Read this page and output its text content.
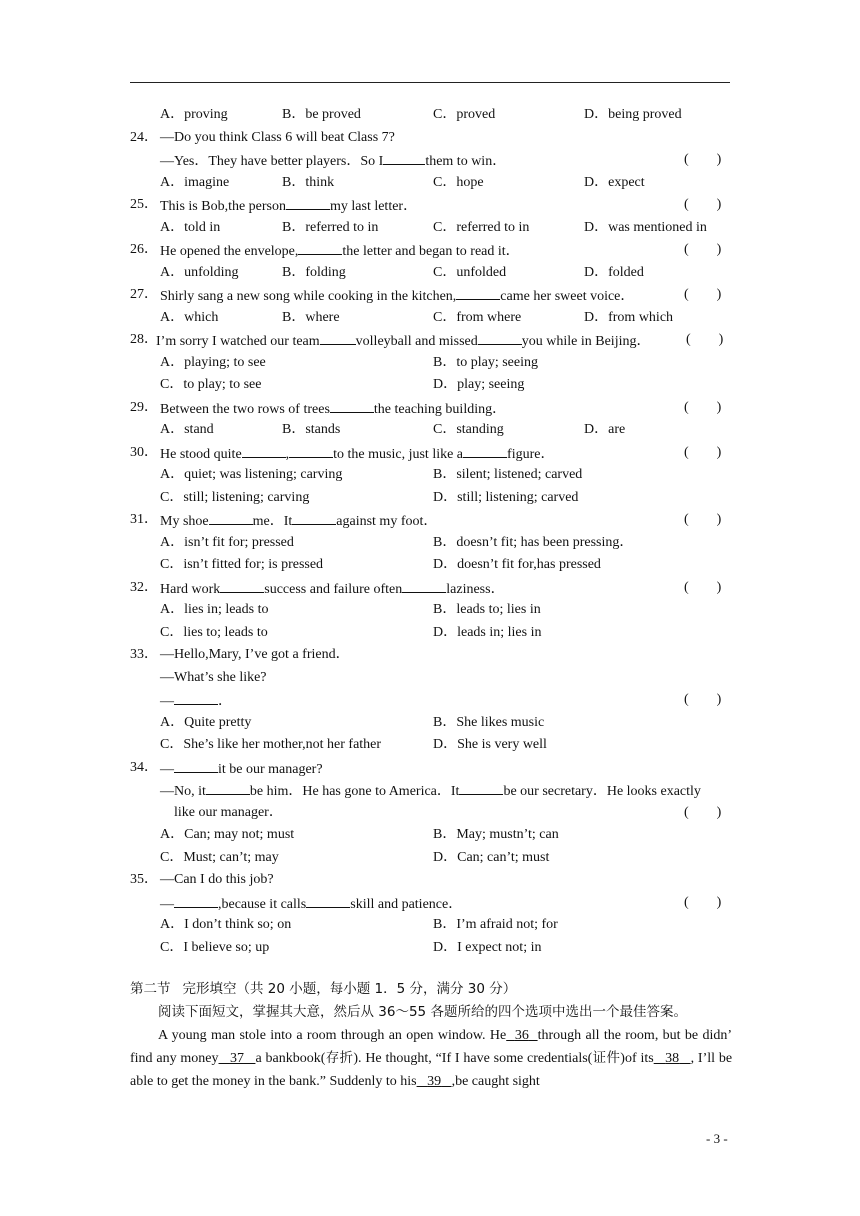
A．proving	B．be proved	C．proved	D．being proved
24． —Do you think Class 6 will beat Class 7?
—Yes．They have better players．So I	them to win．	(　　)
A．imagine	B．think	C．hope	D．expect
25． This is Bob,the person	my last letter．	(　　)
A．told in	B．referred to in	C．referred to in	D．was mentioned in
26． He opened the envelope,	the letter and began to read it．	(　　)
A．unfolding	B．folding	C．unfolded	D．folded
27． Shirly sang a new song while cooking in the kitchen,	came her sweet voice．	(　　)
A．which	B．where	C．from where	D．from which
28．
I’m sorry I watched our team	volleyball and missed	you while in Beijing．	(　　)
A．playing; to see	B．to play; seeing
C．to play; to see	D．play; seeing
29． Between the two rows of trees	the teaching building．	(　　)
A．stand	B．stands	C．standing	D．are
30． He stood quite	,	to the music, just like a	figure．	(　　)
A．quiet; was listening; carving	B．silent; listened; carved
C．still; listening; carving	D．still; listening; carved
31． My shoe	me．It	against my foot．	(　　)
A．isn’t fit for; pressed	B．doesn’t fit; has been pressing．
C．isn’t fitted for; is pressed	D．doesn’t fit for,has pressed
32． Hard work	success and failure often	laziness．	(　　)
A．lies in; leads to	B．leads to; lies in
C．lies to; leads to	D．leads in; lies in
33． —Hello,Mary, I’ve got a friend．
—What’s she like?
—	．	(　　)
A．Quite pretty	B．She likes music
C．She’s like her mother,not her father	D．She is very well
34． —	it be our manager?
—No, it	be him．He has gone to America．It	be our secretary．He looks exactly
like our manager．	(　　)
A．Can; may not; must	B．May; mustn’t; can
C．Must; can’t; may	D．Can; can’t; must
35． —Can I do this job?
—	,because it calls	skill and patience．	(　　)
A．I don’t think so; on	B．I’m afraid not; for
C．I believe so; up	D．I expect not; in
第二节 完形填空（共 20 小题，每小题 1．5 分，满分 30 分）

阅读下面短文，掌握其大意，然后从 36～55 各题所给的四个选项中选出一个最佳答案。

A young man stole into a room through an open window. He 36 through all the room, but be didn’ find any money 37 a bankbook(存折). He thought, “If I have some credentials(证件)of its 38 , I’ll be able to get the money in the bank.” Suddenly to his 39 ,be caught sight

- 3 -
